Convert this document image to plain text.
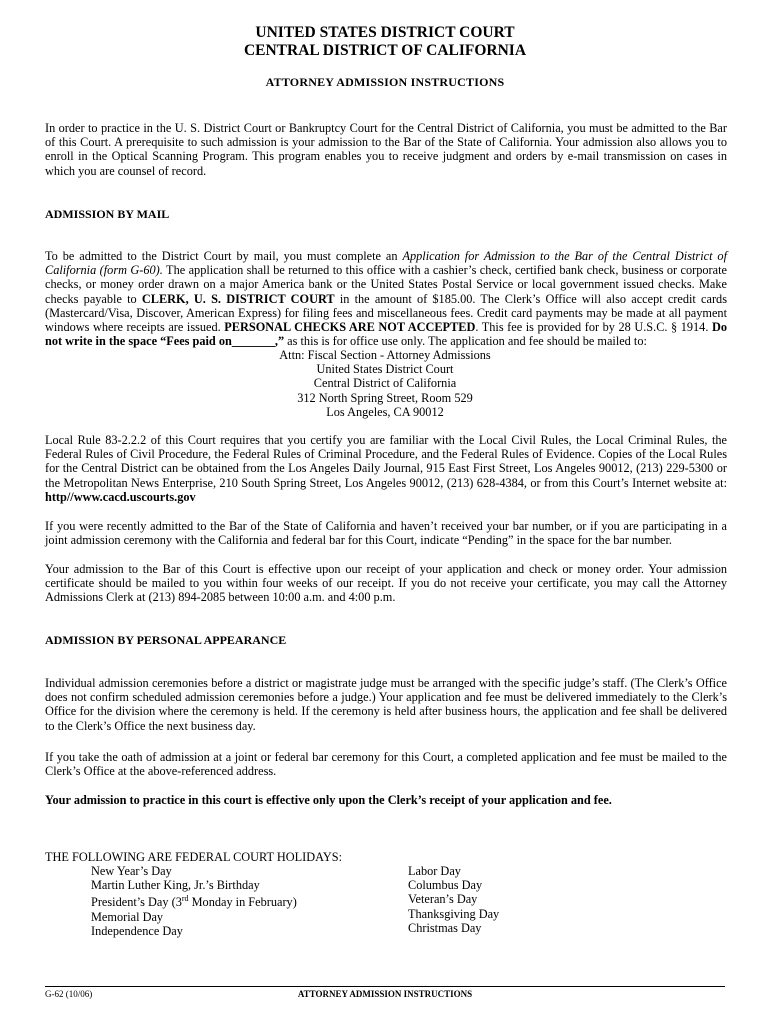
UNITED STATES DISTRICT COURT
CENTRAL DISTRICT OF CALIFORNIA
ATTORNEY ADMISSION INSTRUCTIONS

In order to practice in the U. S. District Court or Bankruptcy Court for the Central District of California, you must be admitted to the Bar of this Court. A prerequisite to such admission is your admission to the Bar of the State of California. Your admission also allows you to enroll in the Optical Scanning Program. This program enables you to receive judgment and orders by e-mail transmission on cases in which you are counsel of record.

ADMISSION BY MAIL

To be admitted to the District Court by mail, you must complete an Application for Admission to the Bar of the Central District of California (form G-60). The application shall be returned to this office with a cashier’s check, certified bank check, business or corporate checks, or money order drawn on a major America bank or the United States Postal Service or local government issued checks. Make checks payable to CLERK, U. S. DISTRICT COURT in the amount of $185.00. The Clerk’s Office will also accept credit cards (Mastercard/Visa, Discover, American Express) for filing fees and miscellaneous fees. Credit card payments may be made at all payment windows where receipts are issued. PERSONAL CHECKS ARE NOT ACCEPTED. This fee is provided for by 28 U.S.C. § 1914. Do not write in the space “Fees paid on_______,” as this is for office use only. The application and fee should be mailed to:

Attn: Fiscal Section - Attorney Admissions
United States District Court
Central District of California
312 North Spring Street, Room 529
Los Angeles, CA 90012

Local Rule 83-2.2.2 of this Court requires that you certify you are familiar with the Local Civil Rules, the Local Criminal Rules, the Federal Rules of Civil Procedure, the Federal Rules of Criminal Procedure, and the Federal Rules of Evidence. Copies of the Local Rules for the Central District can be obtained from the Los Angeles Daily Journal, 915 East First Street, Los Angeles 90012, (213) 229-5300 or the Metropolitan News Enterprise, 210 South Spring Street, Los Angeles 90012, (213) 628-4384, or from this Court’s Internet website at: http//www.cacd.uscourts.gov

If you were recently admitted to the Bar of the State of California and haven’t received your bar number, or if you are participating in a joint admission ceremony with the California and federal bar for this Court, indicate “Pending” in the space for the bar number.

Your admission to the Bar of this Court is effective upon our receipt of your application and check or money order. Your admission certificate should be mailed to you within four weeks of our receipt. If you do not receive your certificate, you may call the Attorney Admissions Clerk at (213) 894-2085 between 10:00 a.m. and 4:00 p.m.

ADMISSION BY PERSONAL APPEARANCE

Individual admission ceremonies before a district or magistrate judge must be arranged with the specific judge’s staff. (The Clerk’s Office does not confirm scheduled admission ceremonies before a judge.) Your application and fee must be delivered immediately to the Clerk’s Office for the division where the ceremony is held. If the ceremony is held after business hours, the application and fee shall be delivered to the Clerk’s Office the next business day.

If you take the oath of admission at a joint or federal bar ceremony for this Court, a completed application and fee must be mailed to the Clerk’s Office at the above-referenced address.

Your admission to practice in this court is effective only upon the Clerk’s receipt of your application and fee.

THE FOLLOWING ARE FEDERAL COURT HOLIDAYS:

New Year’s Day
Martin Luther King, Jr.’s Birthday
President’s Day (3rd Monday in February)
Memorial Day
Independence Day
Labor Day
Columbus Day
Veteran’s Day
Thanksgiving Day
Christmas Day
G-62 (10/06)	ATTORNEY ADMISSION INSTRUCTIONS
